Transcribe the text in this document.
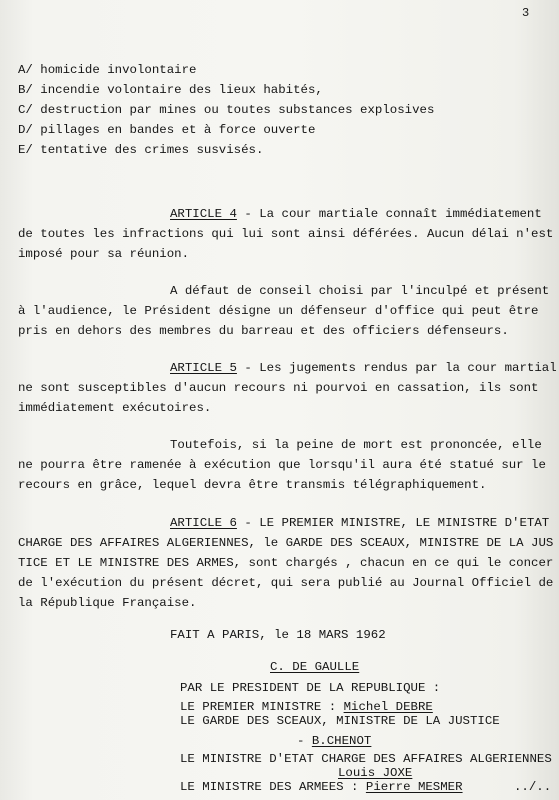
3
A/ homicide involontaire
B/ incendie volontaire des lieux habités,
C/ destruction par mines ou toutes substances explosives
D/ pillages en bandes et à force ouverte
E/ tentative des crimes susvisés.
ARTICLE 4 - La cour martiale connaît immédiatement
de toutes les infractions qui lui sont ainsi déférées. Aucun délai n'est
imposé pour sa réunion.
A défaut de conseil choisi par l'inculpé et présent
à l'audience, le Président désigne un défenseur d'office qui peut être
pris en dehors des membres du barreau et des officiers défenseurs.
ARTICLE 5 - Les jugements rendus par la cour martial
ne sont susceptibles d'aucun recours ni pourvoi en cassation, ils sont
immédiatement exécutoires.
Toutefois, si la peine de mort est prononcée, elle
ne pourra être ramenée à exécution que lorsqu'il aura été statué sur le
recours en grâce, lequel devra être transmis télégraphiquement.
ARTICLE 6 - LE PREMIER MINISTRE, LE MINISTRE D'ETAT
CHARGE DES AFFAIRES ALGERIENNES, le GARDE DES SCEAUX, MINISTRE DE LA JUS
TICE ET LE MINISTRE DES ARMES, sont chargés , chacun en ce qui le concer
de l'exécution du présent décret, qui sera publié au Journal Officiel de
la République Française.
FAIT A PARIS, le 18 MARS 1962
C. DE GAULLE
PAR LE PRESIDENT DE LA REPUBLIQUE :
LE PREMIER MINISTRE : Michel DEBRE
LE GARDE DES SCEAUX, MINISTRE DE LA JUSTICE
- B.CHENOT
LE MINISTRE D'ETAT CHARGE DES AFFAIRES ALGERIENNES
Louis JOXE
LE MINISTRE DES ARMEES : Pierre MESMER	../..
